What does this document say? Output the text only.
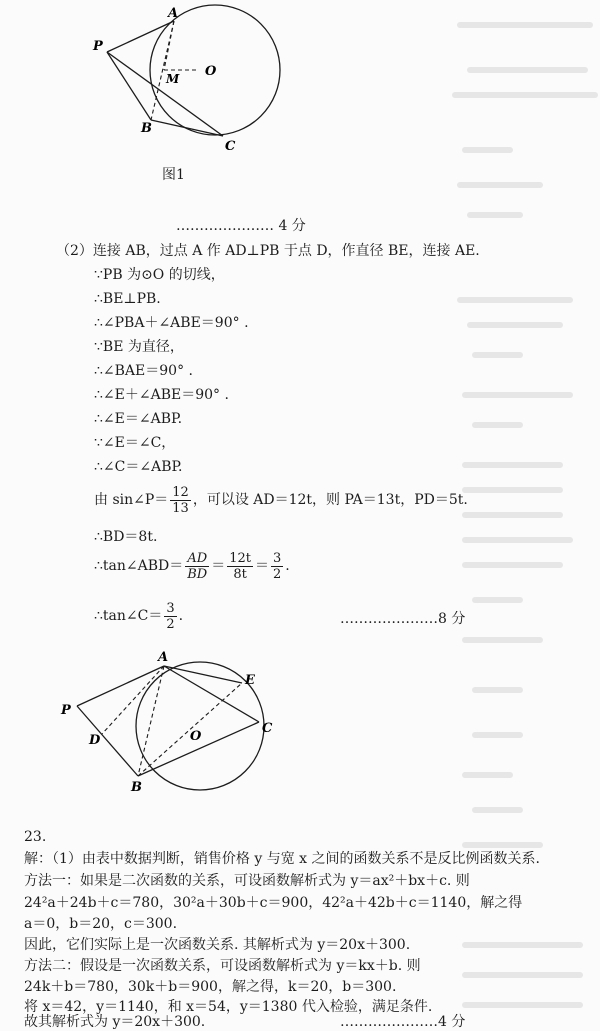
A
P
M O
B
C
图1
………………… 4 分
（2）连接 AB，过点 A 作 AD⊥PB 于点 D，作直径 BE，连接 AE.
∵PB 为⊙O 的切线，
∴BE⊥PB.
∴∠PBA＋∠ABE＝90° .
∵BE 为直径，
∴∠BAE＝90° .
∴∠E＋∠ABE＝90° .
∴∠E＝∠ABP.
∵∠E＝∠C，
∴∠C＝∠ABP.
由 sin∠P＝ $\frac{12}{13}$ ，可以设 AD＝12t，则 PA＝13t，PD＝5t.
∴BD＝8t.
∴tan∠ABD＝ $\frac{AD}{BD} = \frac{12t}{8t} = \frac{3}{2}$ .
∴tan∠C＝ $\frac{3}{2}$ .	…………………8 分
A
E
P
D	O
C
B
23.
解：（1）由表中数据判断，销售价格 y 与宽 x 之间的函数关系不是反比例函数关系.
方法一：如果是二次函数的关系，可设函数解析式为 y＝ax²＋bx＋c. 则
24²a＋24b＋c＝780，30²a＋30b＋c＝900，42²a＋42b＋c＝1140，解之得
a＝0，b＝20，c＝300.
因此，它们实际上是一次函数关系. 其解析式为 y＝20x＋300.
方法二：假设是一次函数关系，可设函数解析式为 y＝kx＋b. 则
24k＋b＝780，30k＋b＝900，解之得，k＝20，b＝300.
将 x＝42，y＝1140，和 x＝54，y＝1380 代入检验，满足条件.
故其解析式为 y＝20x＋300.	…………………4 分
